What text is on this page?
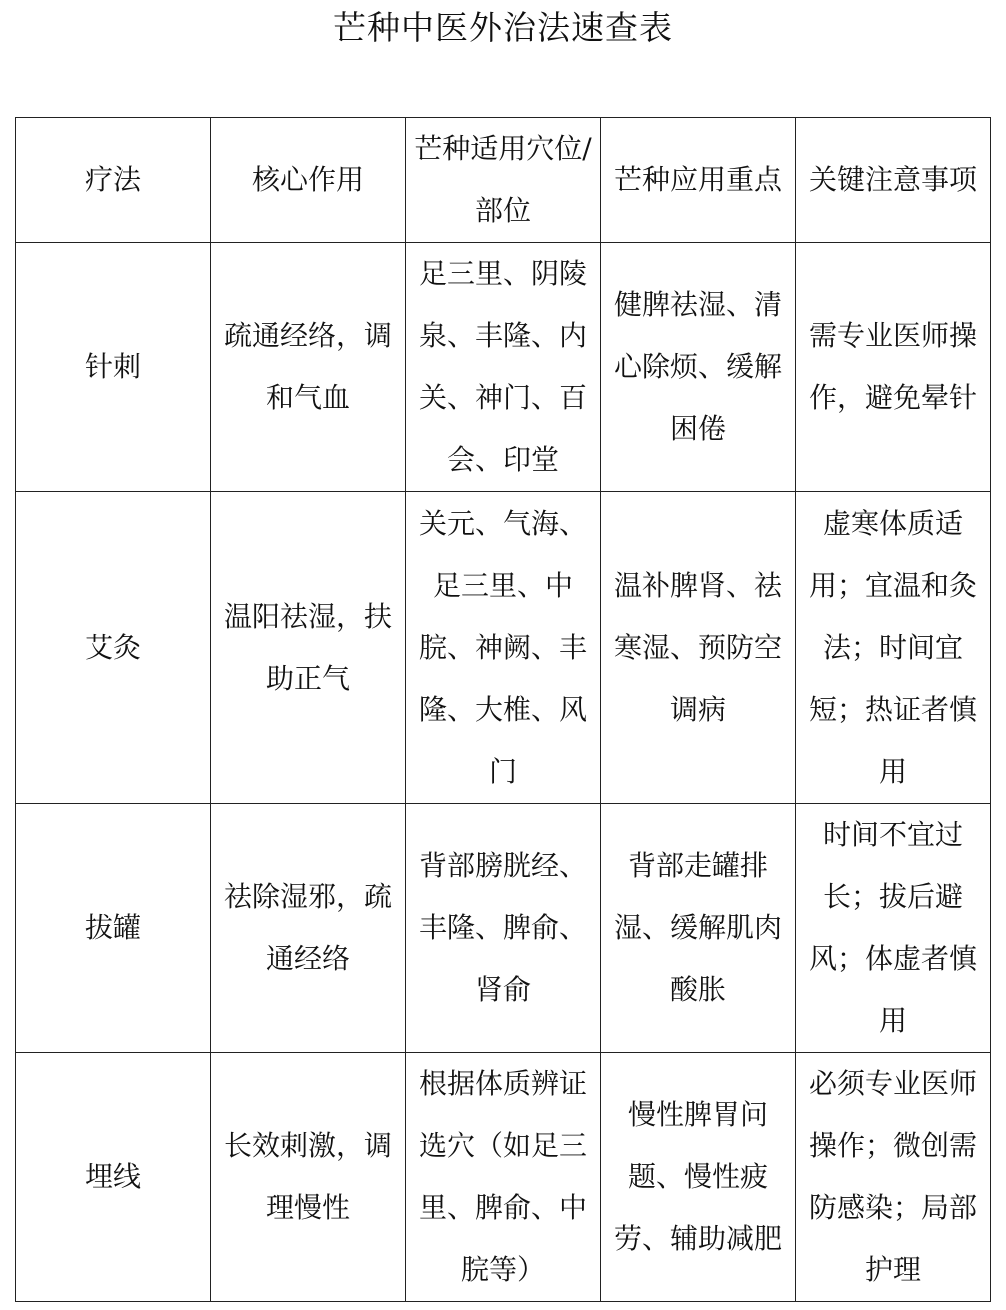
芒种中医外治法速查表
疗法	核心作用	芒种适用穴位/部位	芒种应用重点	关键注意事项
针刺	疏通经络，调和气血	足三里、阴陵泉、丰隆、内关、神门、百会、印堂	健脾祛湿、清心除烦、缓解困倦	需专业医师操作，避免晕针
艾灸	温阳祛湿，扶助正气	关元、气海、足三里、中脘、神阙、丰隆、大椎、风门	温补脾肾、祛寒湿、预防空调病	虚寒体质适用；宜温和灸法；时间宜短；热证者慎用
拔罐	祛除湿邪，疏通经络	背部膀胱经、丰隆、脾俞、肾俞	背部走罐排湿、缓解肌肉酸胀	时间不宜过长；拔后避风；体虚者慎用
埋线	长效刺激，调理慢性	根据体质辨证选穴（如足三里、脾俞、中脘等）	慢性脾胃问题、慢性疲劳、辅助减肥	必须专业医师操作；微创需防感染；局部护理
